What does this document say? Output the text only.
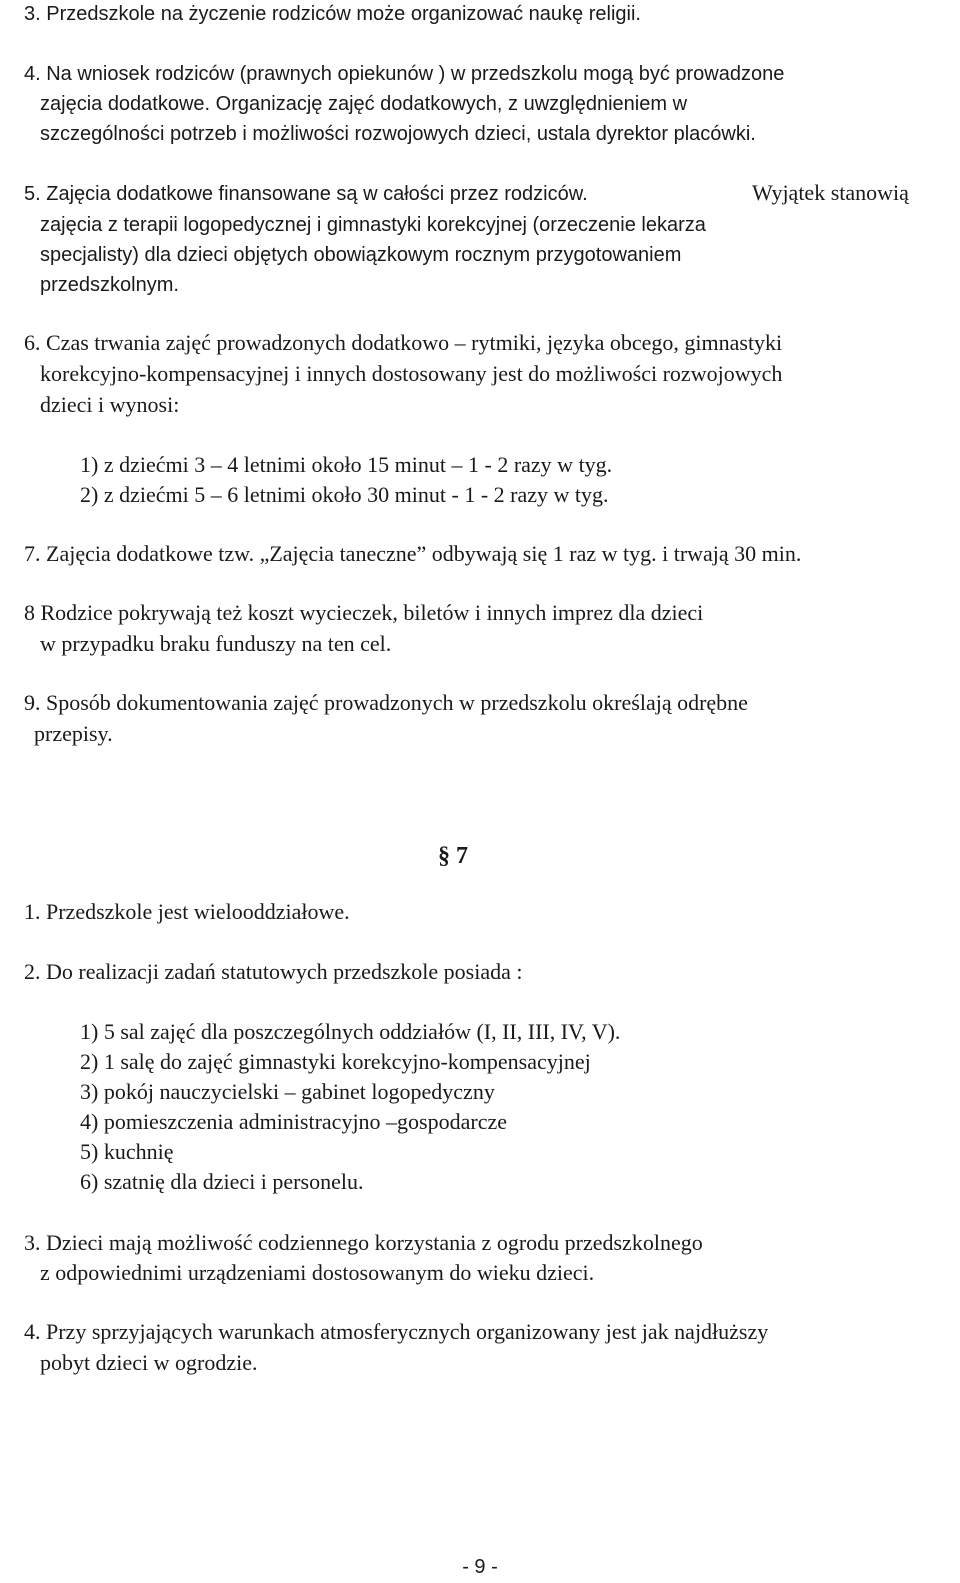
3. Przedszkole na życzenie rodziców może organizować naukę religii.
4. Na wniosek rodziców (prawnych opiekunów ) w przedszkolu mogą być prowadzone
zajęcia dodatkowe. Organizację zajęć dodatkowych, z uwzględnieniem w
szczególności potrzeb i możliwości rozwojowych dzieci, ustala dyrektor placówki.
5. Zajęcia dodatkowe finansowane są w całości przez rodziców.	Wyjątek stanowią
zajęcia z terapii logopedycznej i gimnastyki korekcyjnej (orzeczenie lekarza
specjalisty) dla dzieci objętych obowiązkowym rocznym przygotowaniem
przedszkolnym.
6. Czas trwania zajęć prowadzonych dodatkowo – rytmiki, języka obcego, gimnastyki
korekcyjno-kompensacyjnej i innych dostosowany jest do możliwości rozwojowych
dzieci i wynosi:
1) z dziećmi 3 – 4 letnimi około 15 minut – 1 - 2 razy w tyg.
2) z dziećmi 5 – 6 letnimi około 30 minut - 1 - 2 razy w tyg.
7. Zajęcia dodatkowe tzw. „Zajęcia taneczne” odbywają się 1 raz w tyg. i trwają 30 min.
8 Rodzice pokrywają też koszt wycieczek, biletów i innych imprez dla dzieci
w przypadku braku funduszy na ten cel.
9. Sposób dokumentowania zajęć prowadzonych w przedszkolu określają odrębne
przepisy.
§ 7
1. Przedszkole jest wielooddziałowe.
2. Do realizacji zadań statutowych przedszkole posiada :
1) 5 sal zajęć dla poszczególnych oddziałów (I, II, III, IV, V).
2) 1 salę do zajęć gimnastyki korekcyjno-kompensacyjnej
3) pokój nauczycielski – gabinet logopedyczny
4) pomieszczenia administracyjno –gospodarcze
5) kuchnię
6) szatnię dla dzieci i personelu.
3. Dzieci mają możliwość codziennego korzystania z ogrodu przedszkolnego
z odpowiednimi urządzeniami dostosowanym do wieku dzieci.
4. Przy sprzyjających warunkach atmosferycznych organizowany jest jak najdłuższy
pobyt dzieci w ogrodzie.
- 9 -
